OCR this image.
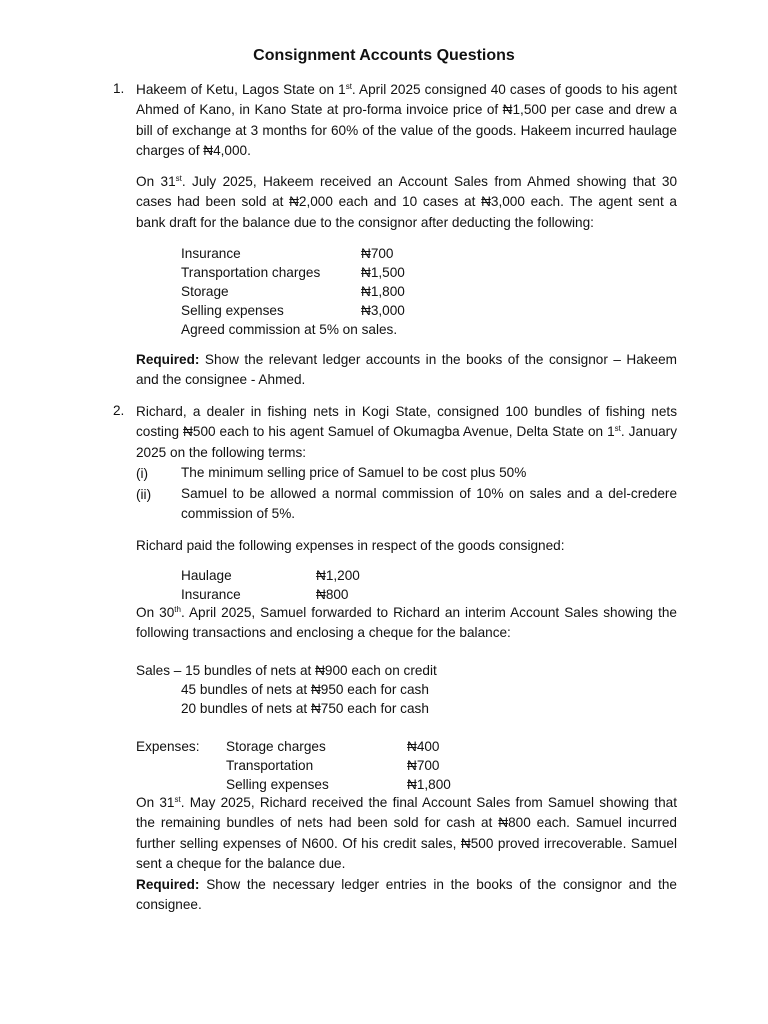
Consignment Accounts Questions
1. Hakeem of Ketu, Lagos State on 1st. April 2025 consigned 40 cases of goods to his agent Ahmed of Kano, in Kano State at pro-forma invoice price of ₦1,500 per case and drew a bill of exchange at 3 months for 60% of the value of the goods. Hakeem incurred haulage charges of ₦4,000.
On 31st. July 2025, Hakeem received an Account Sales from Ahmed showing that 30 cases had been sold at ₦2,000 each and 10 cases at ₦3,000 each. The agent sent a bank draft for the balance due to the consignor after deducting the following:
Insurance	₦700
Transportation charges	₦1,500
Storage	₦1,800
Selling expenses	₦3,000
Agreed commission at 5% on sales.
Required: Show the relevant ledger accounts in the books of the consignor – Hakeem and the consignee - Ahmed.
2. Richard, a dealer in fishing nets in Kogi State, consigned 100 bundles of fishing nets costing ₦500 each to his agent Samuel of Okumagba Avenue, Delta State on 1st. January 2025 on the following terms:
(i) The minimum selling price of Samuel to be cost plus 50%
(ii) Samuel to be allowed a normal commission of 10% on sales and a del-credere commission of 5%.
Richard paid the following expenses in respect of the goods consigned:
Haulage	₦1,200
Insurance	₦800
On 30th. April 2025, Samuel forwarded to Richard an interim Account Sales showing the following transactions and enclosing a cheque for the balance:
Sales – 15 bundles of nets at ₦900 each on credit
45 bundles of nets at ₦950 each for cash
20 bundles of nets at ₦750 each for cash
Expenses: Storage charges	₦400
Transportation	₦700
Selling expenses	₦1,800
On 31st. May 2025, Richard received the final Account Sales from Samuel showing that the remaining bundles of nets had been sold for cash at ₦800 each. Samuel incurred further selling expenses of N600. Of his credit sales, ₦500 proved irrecoverable. Samuel sent a cheque for the balance due.
Required: Show the necessary ledger entries in the books of the consignor and the consignee.
